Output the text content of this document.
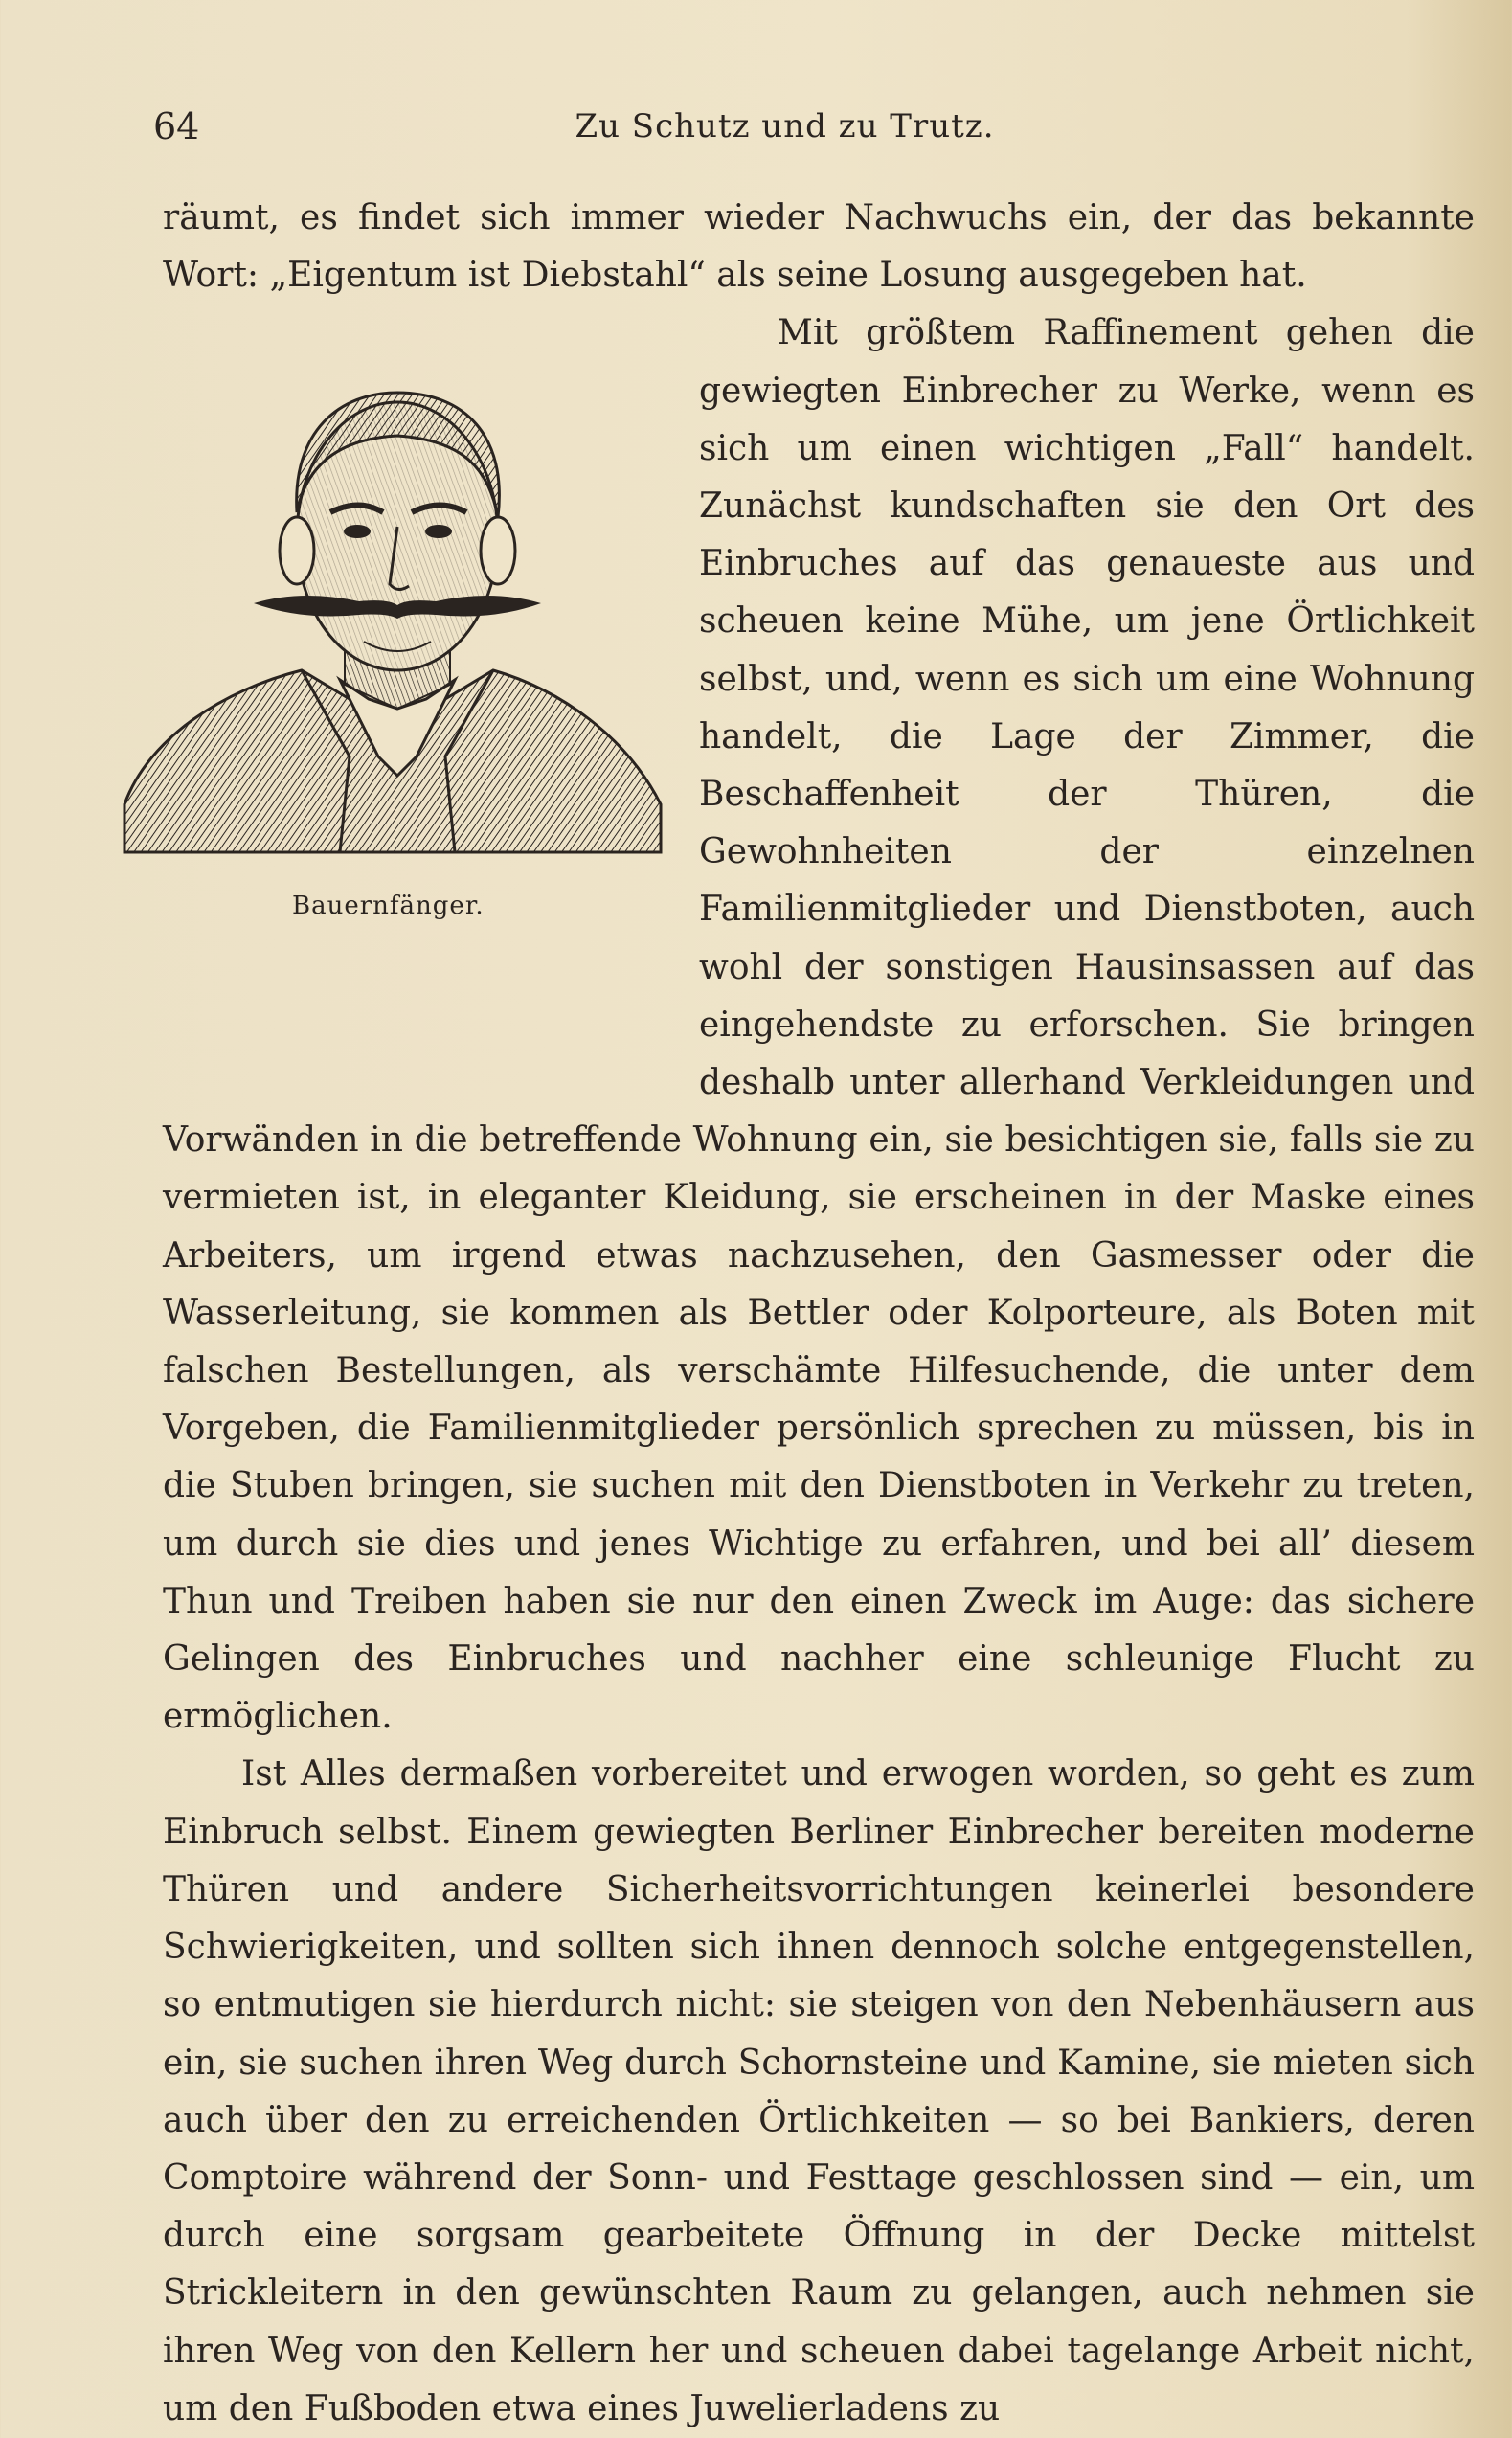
64	Zu Schutz und zu Trutz.

räumt, es findet sich immer wieder Nachwuchs ein, der das bekannte Wort: „Eigentum ist Diebstahl“ als seine Losung ausgegeben hat.

Bauernfänger.

Mit größtem Raffinement gehen die gewiegten Einbrecher zu Werke, wenn es sich um einen wichtigen „Fall“ handelt. Zunächst kundschaften sie den Ort des Einbruches auf das genaueste aus und scheuen keine Mühe, um jene Örtlichkeit selbst, und, wenn es sich um eine Wohnung handelt, die Lage der Zimmer, die Beschaffenheit der Thüren, die Gewohnheiten der einzelnen Familienmitglieder und Dienstboten, auch wohl der sonstigen Hausinsassen auf das eingehendste zu erforschen. Sie bringen deshalb unter allerhand Verkleidungen und Vorwänden in die betreffende Wohnung ein, sie besichtigen sie, falls sie zu vermieten ist, in eleganter Kleidung, sie erscheinen in der Maske eines Arbeiters, um irgend etwas nachzusehen, den Gasmesser oder die Wasserleitung, sie kommen als Bettler oder Kolporteure, als Boten mit falschen Bestellungen, als verschämte Hilfesuchende, die unter dem Vorgeben, die Familienmitglieder persönlich sprechen zu müssen, bis in die Stuben bringen, sie suchen mit den Dienstboten in Verkehr zu treten, um durch sie dies und jenes Wichtige zu erfahren, und bei all’ diesem Thun und Treiben haben sie nur den einen Zweck im Auge: das sichere Gelingen des Einbruches und nachher eine schleunige Flucht zu ermöglichen.

Ist Alles dermaßen vorbereitet und erwogen worden, so geht es zum Einbruch selbst. Einem gewiegten Berliner Einbrecher bereiten moderne Thüren und andere Sicherheitsvorrichtungen keinerlei besondere Schwierigkeiten, und sollten sich ihnen dennoch solche entgegenstellen, so entmutigen sie hierdurch nicht: sie steigen von den Nebenhäusern aus ein, sie suchen ihren Weg durch Schornsteine und Kamine, sie mieten sich auch über den zu erreichenden Örtlichkeiten — so bei Bankiers, deren Comptoire während der Sonn- und Festtage geschlossen sind — ein, um durch eine sorgsam gearbeitete Öffnung in der Decke mittelst Strickleitern in den gewünschten Raum zu gelangen, auch nehmen sie ihren Weg von den Kellern her und scheuen dabei tagelange Arbeit nicht, um den Fußboden etwa eines Juwelierladens zu
